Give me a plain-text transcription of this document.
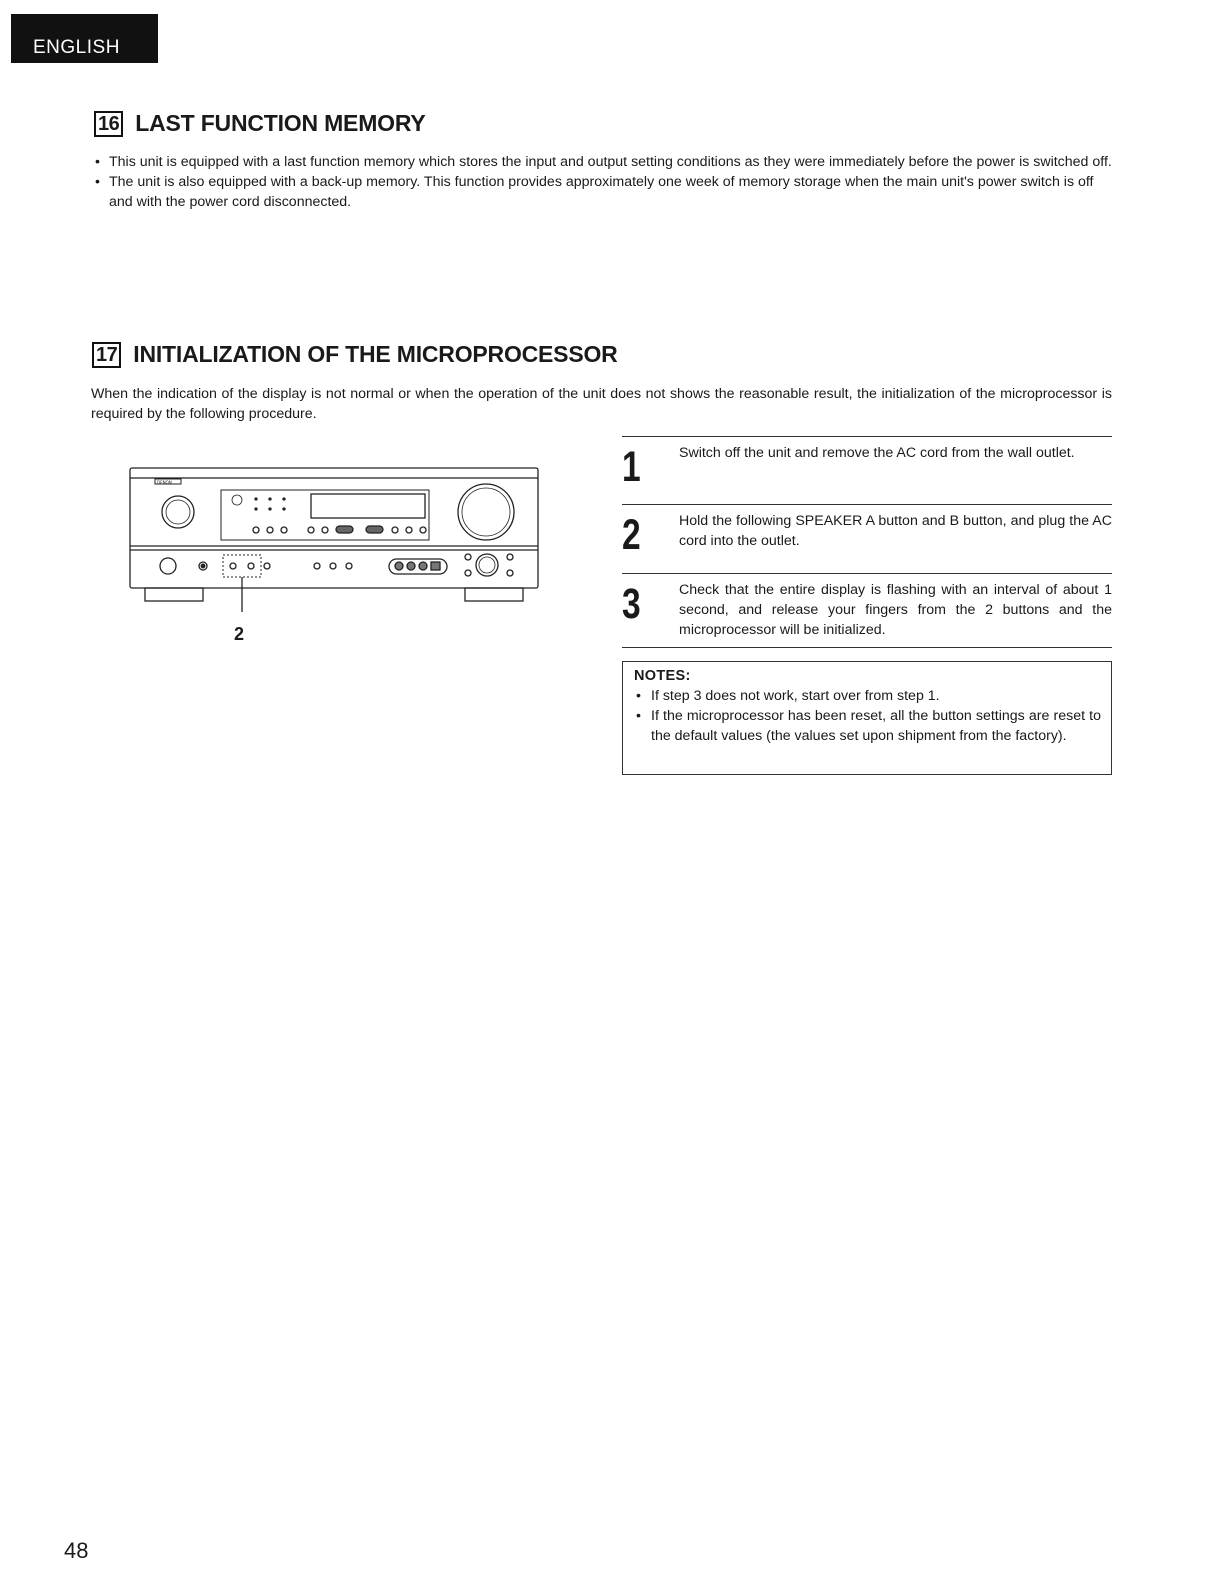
ENGLISH
16 LAST FUNCTION MEMORY
• This unit is equipped with a last function memory which stores the input and output setting conditions as they were immediately before the power is switched off.
• The unit is also equipped with a back-up memory. This function provides approximately one week of memory storage when the main unit's power switch is off and with the power cord disconnected.
17 INITIALIZATION OF THE MICROPROCESSOR

When the indication of the display is not normal or when the operation of the unit does not shows the reasonable result, the initialization of the microprocessor is required by the following procedure.

DENON
2
1	Switch off the unit and remove the AC cord from the wall outlet.

2	Hold the following SPEAKER A button and B button, and plug the AC cord into the outlet.

3	Check that the entire display is flashing with an interval of about 1 second, and release your fingers from the 2 buttons and the microprocessor will be initialized.

NOTES:
• If step 3 does not work, start over from step 1.
• If the microprocessor has been reset, all the button settings are reset to the default values (the values set upon shipment from the factory).
48
